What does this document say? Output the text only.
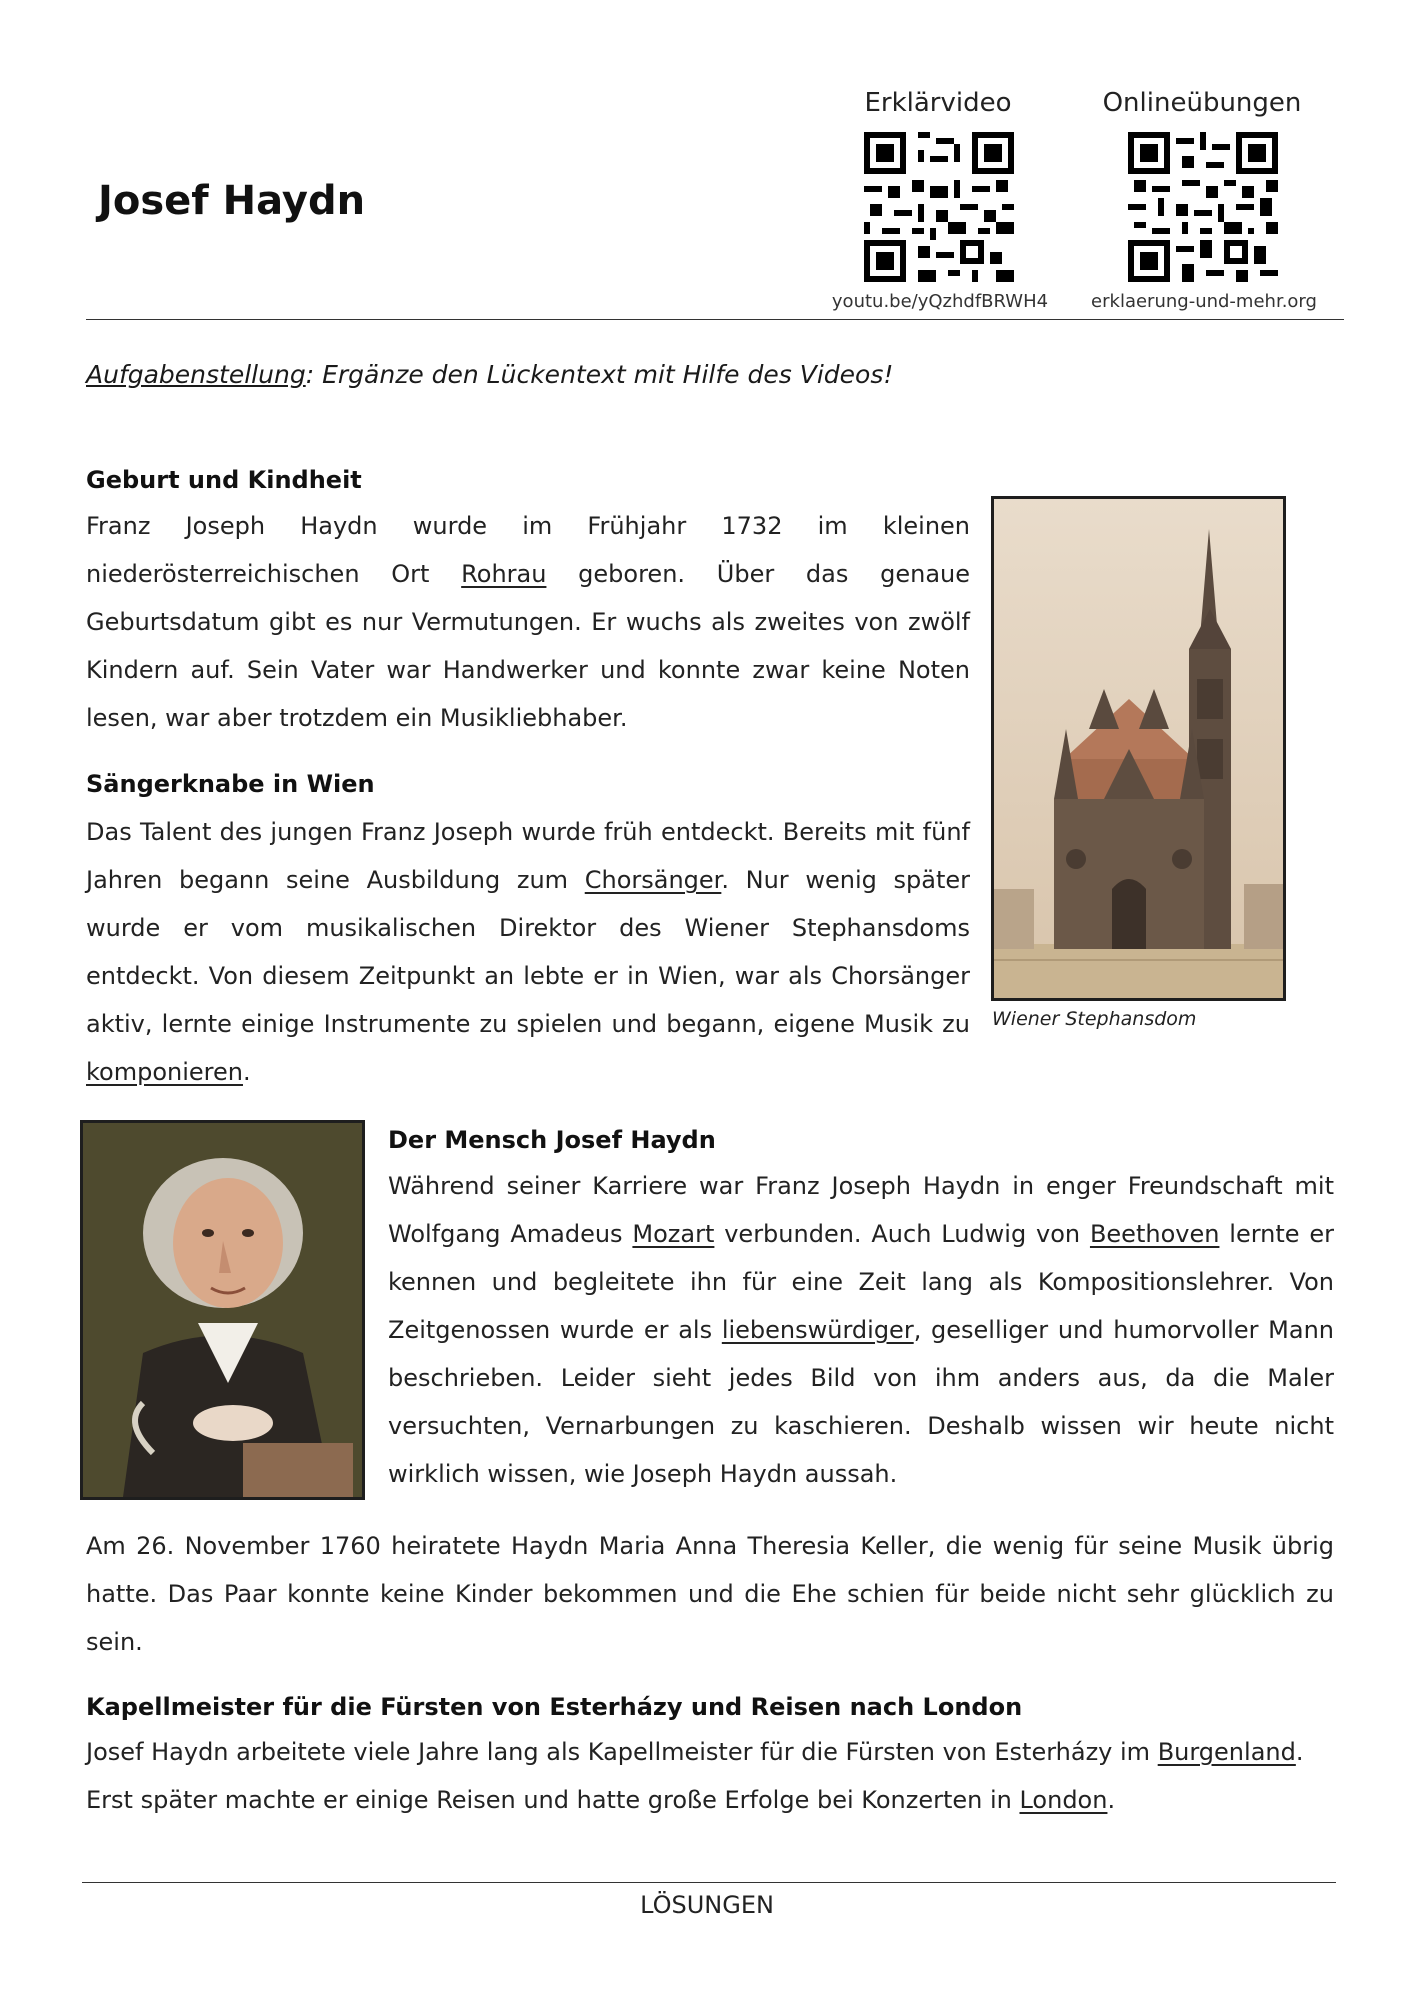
Josef Haydn
Erklärvideo	Onlineübungen
youtu.be/yQzhdfBRWH4	erklaerung-und-mehr.org
Aufgabenstellung: Ergänze den Lückentext mit Hilfe des Videos!
Geburt und Kindheit
Franz Joseph Haydn wurde im Frühjahr 1732 im kleinen niederösterreichischen Ort Rohrau geboren. Über das genaue Geburtsdatum gibt es nur Vermutungen. Er wuchs als zweites von zwölf Kindern auf. Sein Vater war Handwerker und konnte zwar keine Noten lesen, war aber trotzdem ein Musikliebhaber.
Wiener Stephansdom
Sängerknabe in Wien
Das Talent des jungen Franz Joseph wurde früh entdeckt. Bereits mit fünf Jahren begann seine Ausbildung zum Chorsänger. Nur wenig später wurde er vom musikalischen Direktor des Wiener Stephansdoms entdeckt. Von diesem Zeitpunkt an lebte er in Wien, war als Chorsänger aktiv, lernte einige Instrumente zu spielen und begann, eigene Musik zu komponieren.
Der Mensch Josef Haydn
Während seiner Karriere war Franz Joseph Haydn in enger Freundschaft mit Wolfgang Amadeus Mozart verbunden. Auch Ludwig von Beethoven lernte er kennen und begleitete ihn für eine Zeit lang als Kompositionslehrer. Von Zeitgenossen wurde er als liebenswürdiger, geselliger und humorvoller Mann beschrieben. Leider sieht jedes Bild von ihm anders aus, da die Maler versuchten, Vernarbungen zu kaschieren. Deshalb wissen wir heute nicht wirklich wissen, wie Joseph Haydn aussah.
Am 26. November 1760 heiratete Haydn Maria Anna Theresia Keller, die wenig für seine Musik übrig hatte. Das Paar konnte keine Kinder bekommen und die Ehe schien für beide nicht sehr glücklich zu sein.
Kapellmeister für die Fürsten von Esterházy und Reisen nach London
Josef Haydn arbeitete viele Jahre lang als Kapellmeister für die Fürsten von Esterházy im Burgenland. Erst später machte er einige Reisen und hatte große Erfolge bei Konzerten in London.
LÖSUNGEN
